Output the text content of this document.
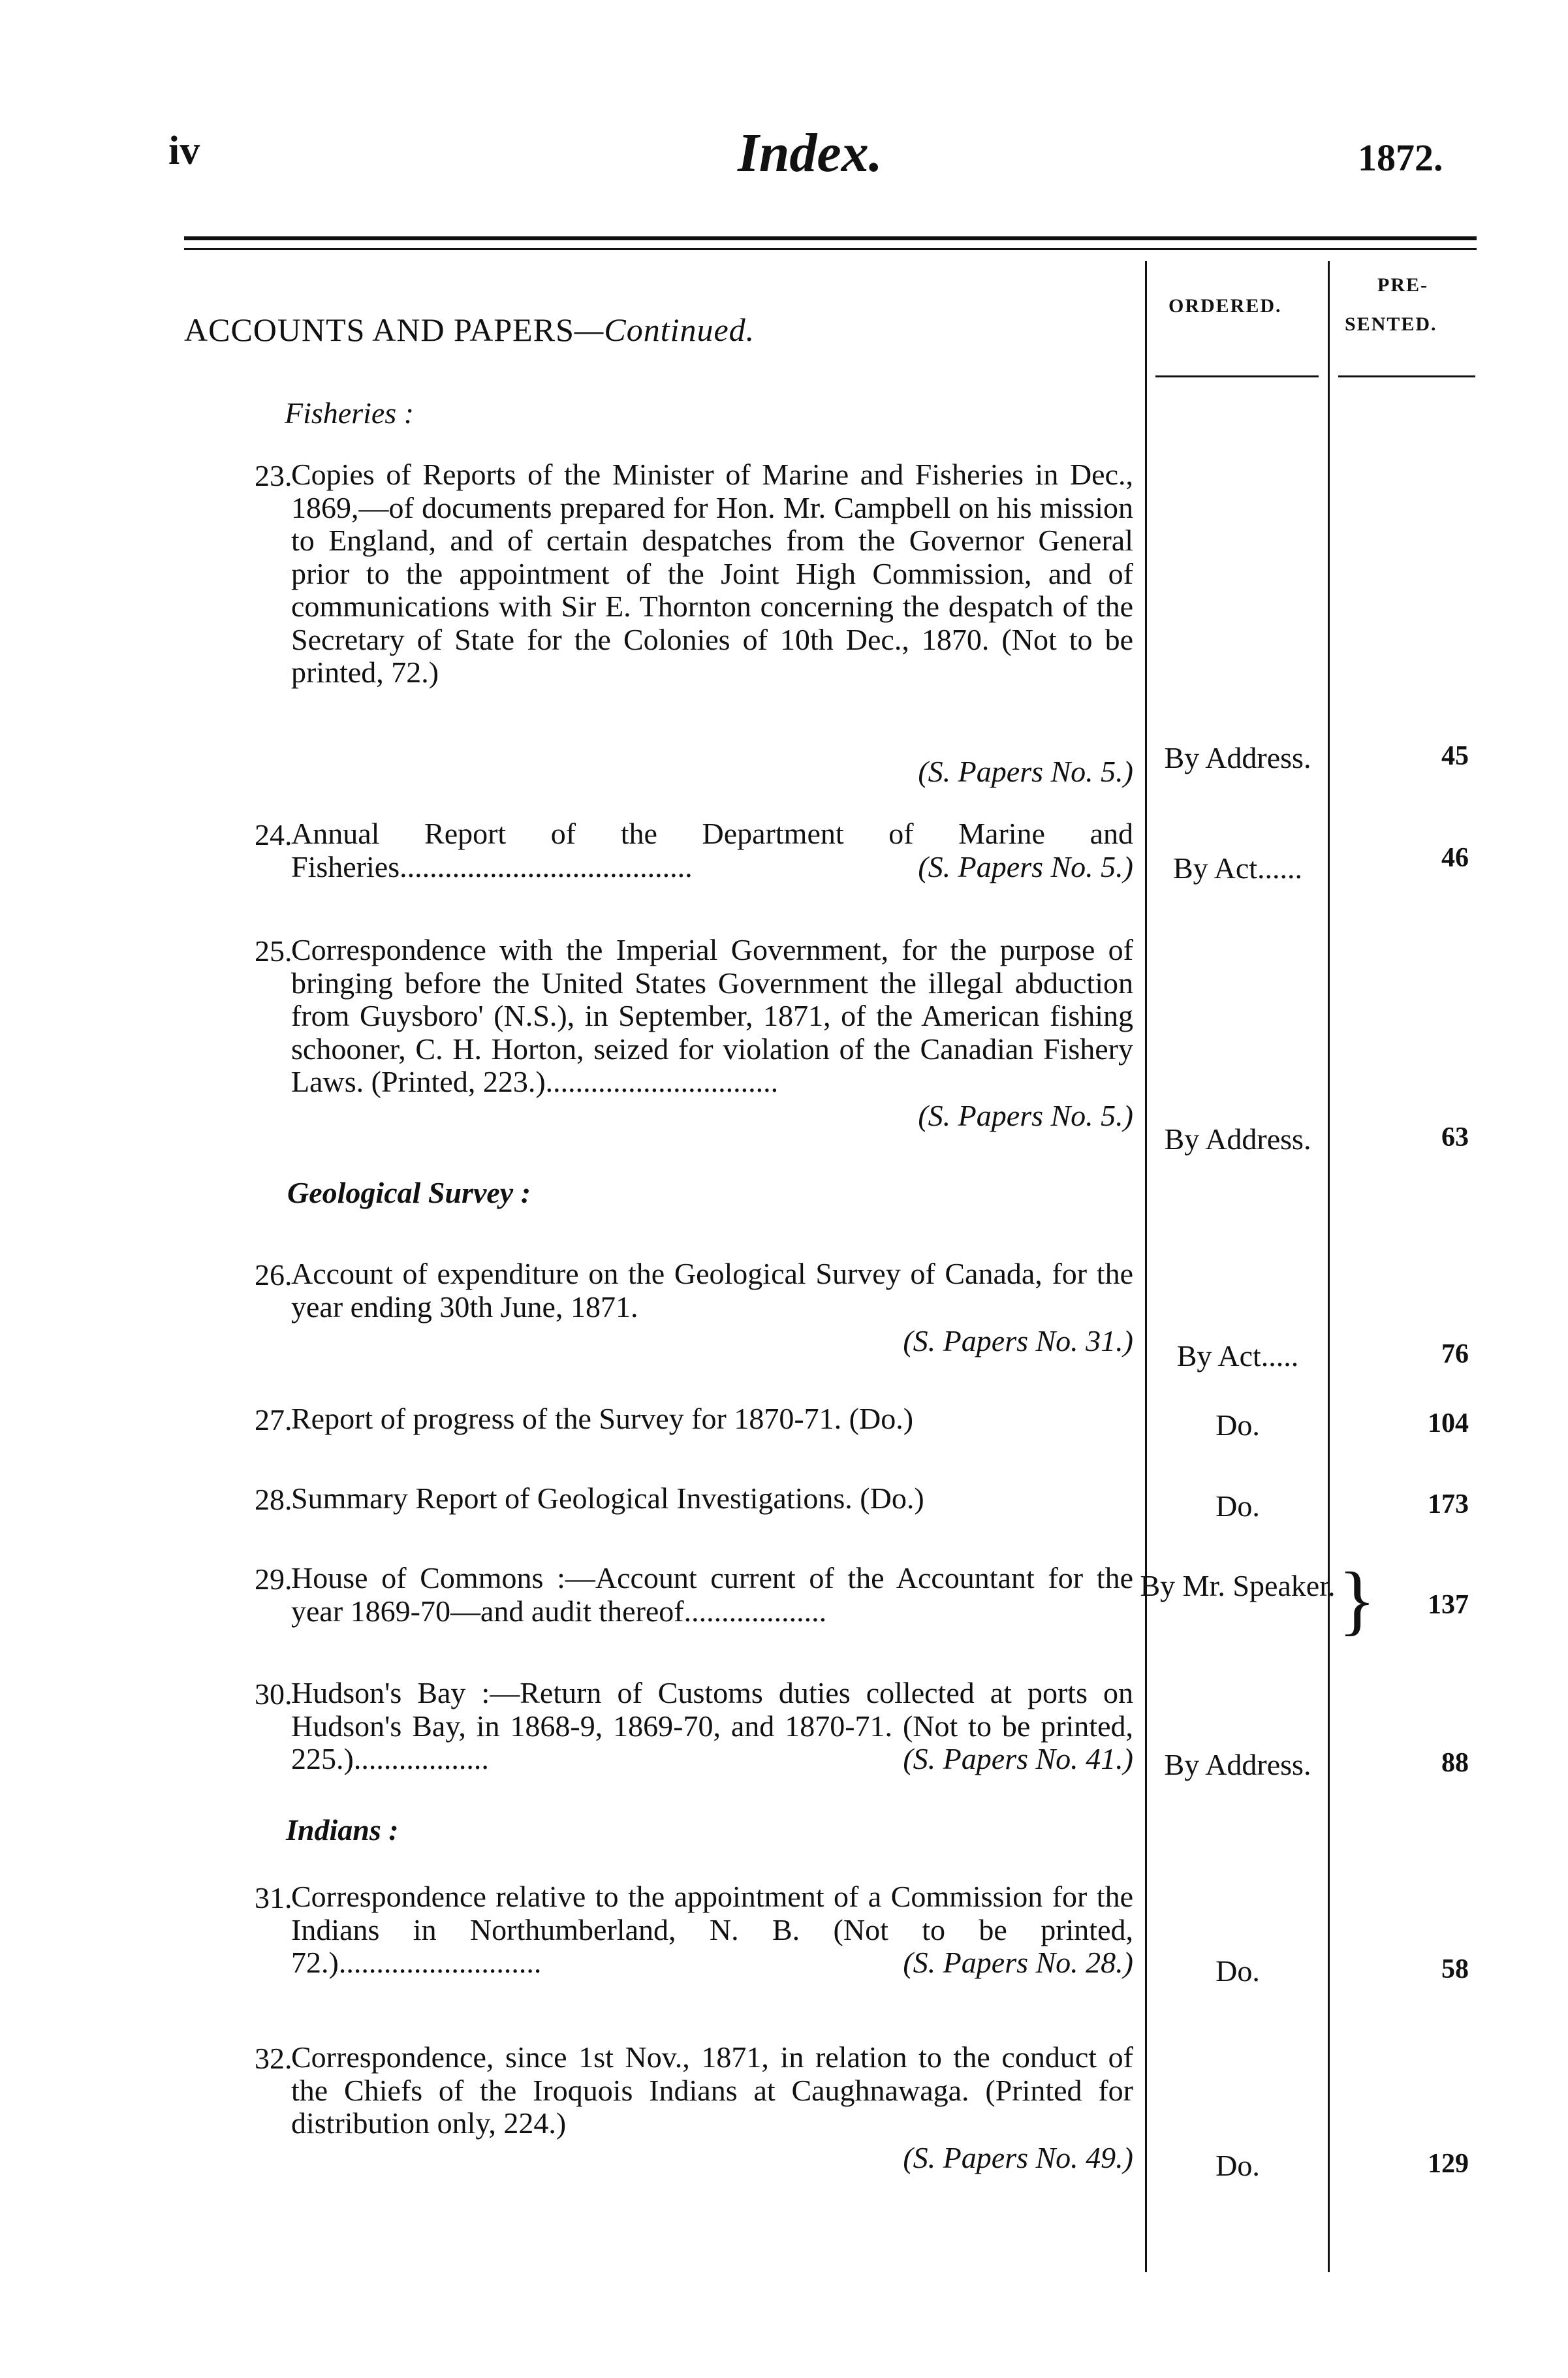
iv	Index.	1872.
ORDERED.
PRE-
SENTED.
ACCOUNTS AND PAPERS—Continued.
Fisheries :
23.
Copies of Reports of the Minister of Marine and Fisheries in Dec., 1869,—of documents prepared for Hon. Mr. Campbell on his mission to England, and of certain despatches from the Governor General prior to the appointment of the Joint High Commission, and of communications with Sir E. Thornton concerning the despatch of the Secretary of State for the Colonies of 10th Dec., 1870. (Not to be printed, 72.)
(S. Papers No. 5.)	By Address.	45
24.
Annual Report of the Department of Marine and Fisheries.......................................	(S. Papers No. 5.)	By Act......	46
25.
Correspondence with the Imperial Government, for the purpose of bringing before the United States Government the illegal abduction from Guysboro' (N.S.), in September, 1871, of the American fishing schooner, C. H. Horton, seized for violation of the Canadian Fishery Laws. (Printed, 223.)...............................
(S. Papers No. 5.)
By Address.	63
Geological Survey :
26.
Account of expenditure on the Geological Survey of Canada, for the year ending 30th June, 1871.
(S. Papers No. 31.)	By Act.....	76
27.
Report of progress of the Survey for 1870-71. (Do.)	Do.	104
28.
Summary Report of Geological Investigations. (Do.)	Do.	173
29.
House of Commons :—Account current of the Accountant for the year 1869-70—and audit thereof...................
By Mr. Speaker. }	137
30.
Hudson's Bay :—Return of Customs duties collected at ports on Hudson's Bay, in 1868-9, 1869-70, and 1870-71. (Not to be printed, 225.)..................	(S. Papers No. 41.)	By Address.	88
Indians :
31.
Correspondence relative to the appointment of a Commission for the Indians in Northumberland, N. B. (Not to be printed, 72.)...........................	(S. Papers No. 28.)	Do.	58
32.
Correspondence, since 1st Nov., 1871, in relation to the conduct of the Chiefs of the Iroquois Indians at Caughnawaga. (Printed for distribution only, 224.)
(S. Papers No. 49.)	Do.	129
